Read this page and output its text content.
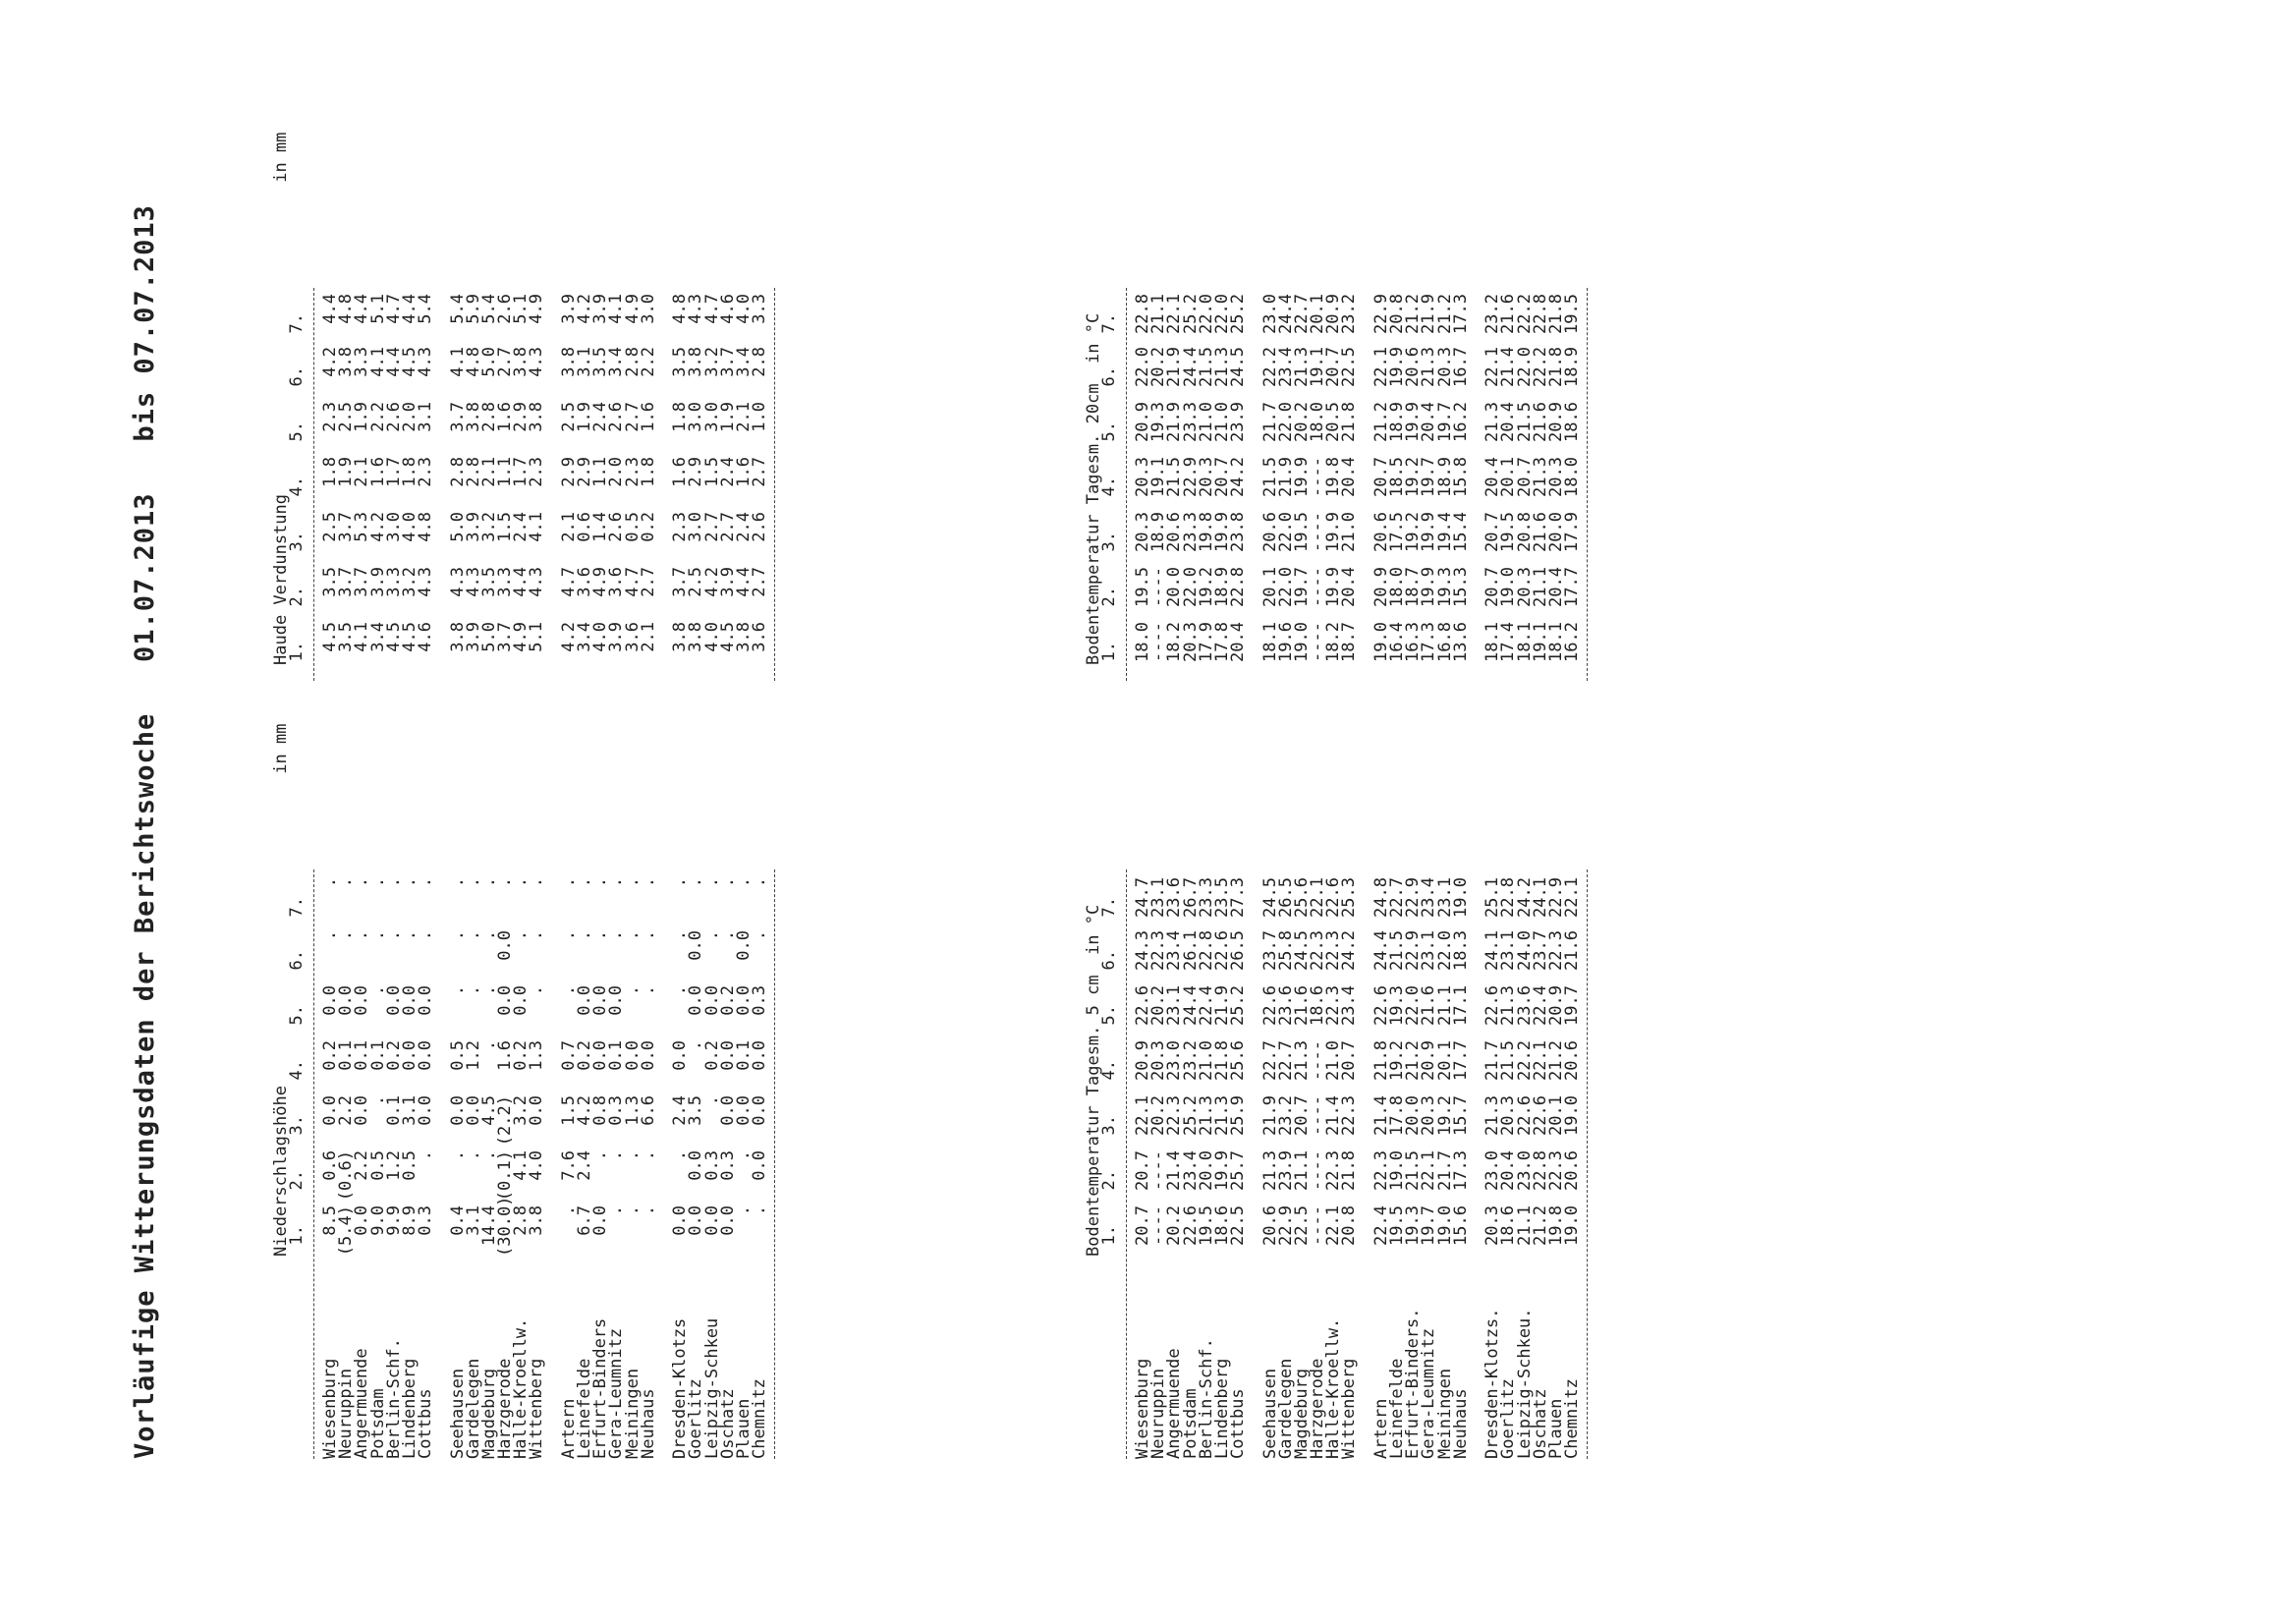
Vorläufige Witterungsdaten der Berichtswoche   01.07.2013   bis 07.07.2013	Niederschlagshöhe                               in mm
1.
2.
3.
4.
5.
6.
7.
Wiesenburg
8.5
0.6
0.0
0.2
0.0
.
.
Neuruppin
(5.4)
(0.6)
2.2
0.1
0.0
.
.
Angermuende
0.0
2.2
0.0
0.1
0.0
.
.
Potsdam
9.0
0.5
.
0.1
.
.
.
Berlin-Schf.
9.9
1.2
0.1
0.2
0.0
.
.
Lindenberg
8.9
0.5
3.1
0.0
0.0
.
.
Cottbus
0.3
.
0.0
0.0
0.0
.
.
Seehausen
0.4
.
0.0
0.5
.
.
.
Gardelegen
3.1
.
0.0
1.2
.
.
.
Magdeburg
14.4
.
4.5
.
.
.
.
Harzgerode
(30.0)
(0.1)
(2.2)
1.6
0.0
0.0
.
Halle-Kroellw.
2.8
4.1
3.2
0.2
0.0
.
.
Wittenberg
3.8
4.0
0.0
1.3
.
.
.
Artern
.
7.6
1.5
0.7
.
.
.
Leinefelde
6.7
2.4
4.2
0.2
0.0
.
.
Erfurt-Binders
0.0
.
0.8
0.0
0.0
.
.
Gera-Leumnitz
.
.
0.3
0.1
0.0
.
.
Meiningen
.
.
1.3
0.0
.
.
.
Neuhaus
.
.
6.6
0.0
.
.
.
Dresden-Klotzs
0.0
.
2.4
0.0
.
.
.
Goerlitz
0.0
0.0
3.5
.
0.0
0.0
.
Leipzig-Schkeu
0.0
0.3
.
0.2
0.0
.
.
Oschatz
0.0
0.3
0.0
0.0
0.2
.
.
Plauen
.
.
0.0
0.1
0.0
0.0
.
Chemnitz
.
0.0
0.0
0.0
0.3
.
.
Haude Verdunstung                               in mm
1.
2.
3.
4.
5.
6.
7.
4.5
3.5
2.5
1.8
2.3
4.2
4.4
3.5
3.7
3.7
1.9
2.5
3.8
4.8
4.1
3.7
5.3
2.1
1.9
3.3
4.4
3.4
3.9
4.2
1.6
2.2
4.1
5.1
4.5
3.3
3.0
1.7
2.6
4.4
4.7
4.5
3.2
4.0
1.8
2.0
4.5
4.4
4.6
4.3
4.8
2.3
3.1
4.3
5.4
3.8
4.3
5.0
2.8
3.7
4.1
5.4
3.9
4.3
3.9
2.8
3.8
4.8
5.9
5.0
3.5
3.2
2.1
2.8
5.0
5.4
3.7
3.3
1.5
1.1
1.6
2.7
2.6
4.9
4.4
2.4
1.7
2.9
3.8
5.1
5.1
4.3
4.1
2.3
3.8
4.3
4.9
4.2
4.7
2.1
2.9
2.5
3.8
3.9
3.4
3.6
0.6
2.9
1.9
3.1
4.2
4.0
4.9
1.4
1.1
2.4
3.5
3.9
3.9
3.6
2.6
2.0
2.6
3.4
4.1
3.6
4.7
0.5
2.3
2.7
2.8
4.9
2.1
2.7
0.2
1.8
1.6
2.2
3.0
3.8
3.7
2.3
1.6
1.8
3.5
4.8
3.8
2.5
3.0
2.9
3.0
3.8
4.3
4.0
4.2
2.7
1.5
3.0
3.2
4.7
4.5
3.9
2.7
2.4
1.9
3.7
4.6
3.8
4.4
2.4
1.6
2.1
3.4
4.0
3.6
2.7
2.6
2.7
1.0
2.8
3.3
Bodentemperatur Tagesm. 5 cm  in °C
1.
2.
3.
4.
5.
6.
7.
Wiesenburg
20.7
20.7
22.1
20.9
22.6
24.3
24.7
Neuruppin
----
----
20.2
20.3
20.2
22.3
23.1
Angermuende
20.2
21.4
22.3
23.0
23.1
23.4
23.6
Potsdam
22.6
23.4
25.2
23.2
24.4
26.1
26.7
Berlin-Schf.
19.5
20.0
21.3
21.0
22.4
22.8
23.3
Lindenberg
18.6
19.9
21.3
21.8
21.9
22.6
23.5
Cottbus
22.5
25.7
25.9
25.6
25.2
26.5
27.3
Seehausen
20.6
21.3
21.9
22.7
22.6
23.7
24.5
Gardelegen
22.9
23.9
23.2
22.7
23.6
25.8
26.5
Magdeburg
22.5
21.1
20.7
21.3
21.6
24.5
25.6
Harzgerode
----
----
----
----
18.6
22.3
22.1
Halle-Kroellw.
22.1
22.3
21.4
21.0
22.3
22.3
22.6
Wittenberg
20.8
21.8
22.3
20.7
23.4
24.2
25.3
Artern
22.4
22.3
21.4
21.8
22.6
24.4
24.8
Leinefelde
19.5
19.0
17.8
19.2
19.3
21.5
22.7
Erfurt-Binders.
19.3
21.5
20.0
21.2
22.0
22.9
22.9
Gera-Leumnitz
19.7
22.1
20.3
20.9
21.6
23.1
23.4
Meiningen
19.0
21.7
19.2
20.1
21.1
22.0
23.1
Neuhaus
15.6
17.3
15.7
17.7
17.1
18.3
19.0
Dresden-Klotzs.
20.3
23.0
21.3
21.7
22.6
24.1
25.1
Goerlitz
18.6
20.4
20.3
21.5
21.3
23.1
22.8
Leipzig-Schkeu.
21.1
23.0
22.6
22.2
23.6
24.0
24.2
Oschatz
21.2
22.8
22.6
22.1
22.4
23.7
24.1
Plauen
19.8
22.3
20.1
21.2
20.9
22.3
22.9
Chemnitz
19.0
20.6
19.0
20.6
19.7
21.6
22.1
Bodentemperatur Tagesm. 20cm  in °C
1.
2.
3.
4.
5.
6.
7.
18.0
19.5
20.3
20.3
20.9
22.0
22.8
----
----
18.9
19.1
19.3
20.2
21.1
18.2
20.0
20.6
21.5
21.9
21.9
22.1
20.3
22.0
23.3
22.9
23.3
24.4
25.2
17.9
19.2
19.8
20.3
21.0
21.5
22.0
17.8
18.9
19.9
20.7
21.0
21.3
22.0
20.4
22.8
23.8
24.2
23.9
24.5
25.2
18.1
20.1
20.6
21.5
21.7
22.2
23.0
19.6
22.0
22.0
21.9
22.0
23.4
24.4
19.0
19.7
19.5
19.9
20.2
21.3
22.7
----
----
----
----
18.0
19.1
20.1
18.2
19.9
19.9
19.8
20.5
20.7
20.9
18.7
20.4
21.0
20.4
21.8
22.5
23.2
19.0
20.9
20.6
20.7
21.2
22.1
22.9
16.4
18.0
17.5
18.5
18.9
19.9
20.8
16.3
18.7
19.2
19.2
19.9
20.6
21.2
17.3
19.9
19.9
19.7
20.4
21.3
21.9
16.8
19.3
19.4
18.9
19.7
20.3
21.2
13.6
15.3
15.4
15.8
16.2
16.7
17.3
18.1
20.7
20.7
20.4
21.3
22.1
23.2
17.4
19.0
19.5
20.1
20.4
21.4
21.6
18.1
20.3
20.8
20.7
21.5
22.0
22.2
19.1
21.1
21.6
21.3
21.6
22.2
22.8
18.1
20.4
20.0
20.3
20.9
21.8
21.8
16.2
17.7
17.9
18.0
18.6
18.9
19.5
